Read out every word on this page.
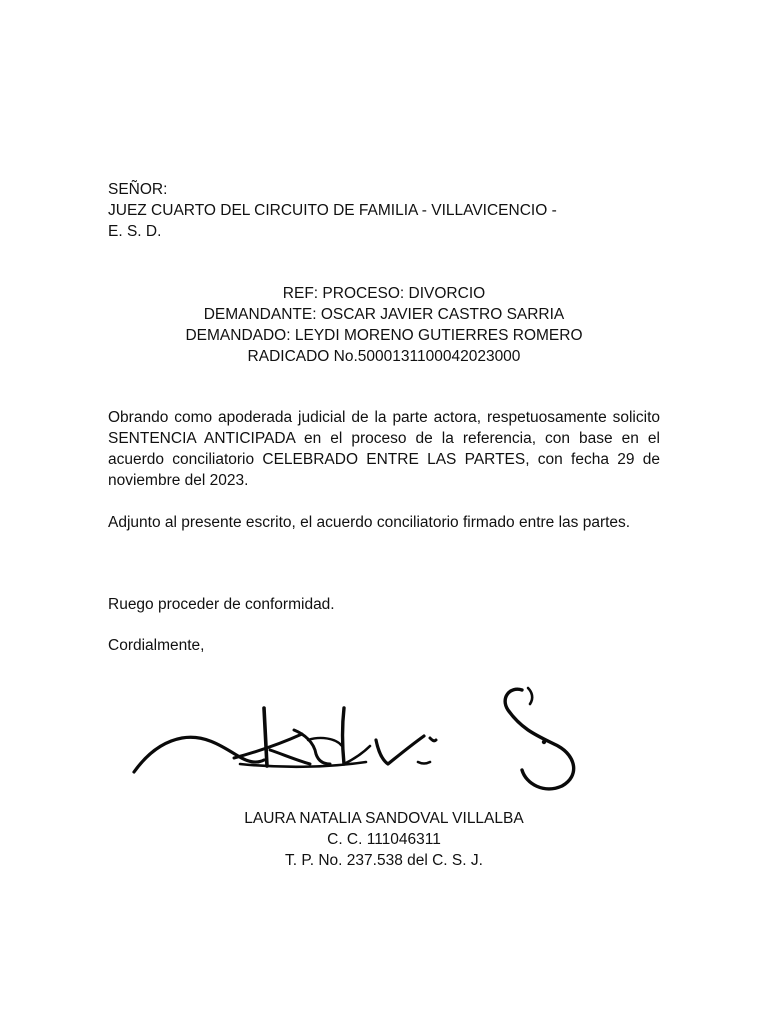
SEÑOR:
JUEZ CUARTO DEL CIRCUITO DE FAMILIA - VILLAVICENCIO -
E. S. D.
REF: PROCESO: DIVORCIO
DEMANDANTE: OSCAR JAVIER CASTRO SARRIA
DEMANDADO: LEYDI MORENO GUTIERRES ROMERO
RADICADO No.5000131100042023000
Obrando como apoderada judicial de la parte actora, respetuosamente solicito SENTENCIA ANTICIPADA en el proceso de la referencia, con base en el acuerdo conciliatorio CELEBRADO ENTRE LAS PARTES, con fecha 29 de noviembre del 2023.
Adjunto al presente escrito, el acuerdo conciliatorio firmado entre las partes.
Ruego proceder de conformidad.
Cordialmente,
LAURA NATALIA SANDOVAL VILLALBA
C. C. 111046311
T. P. No. 237.538 del C. S. J.
